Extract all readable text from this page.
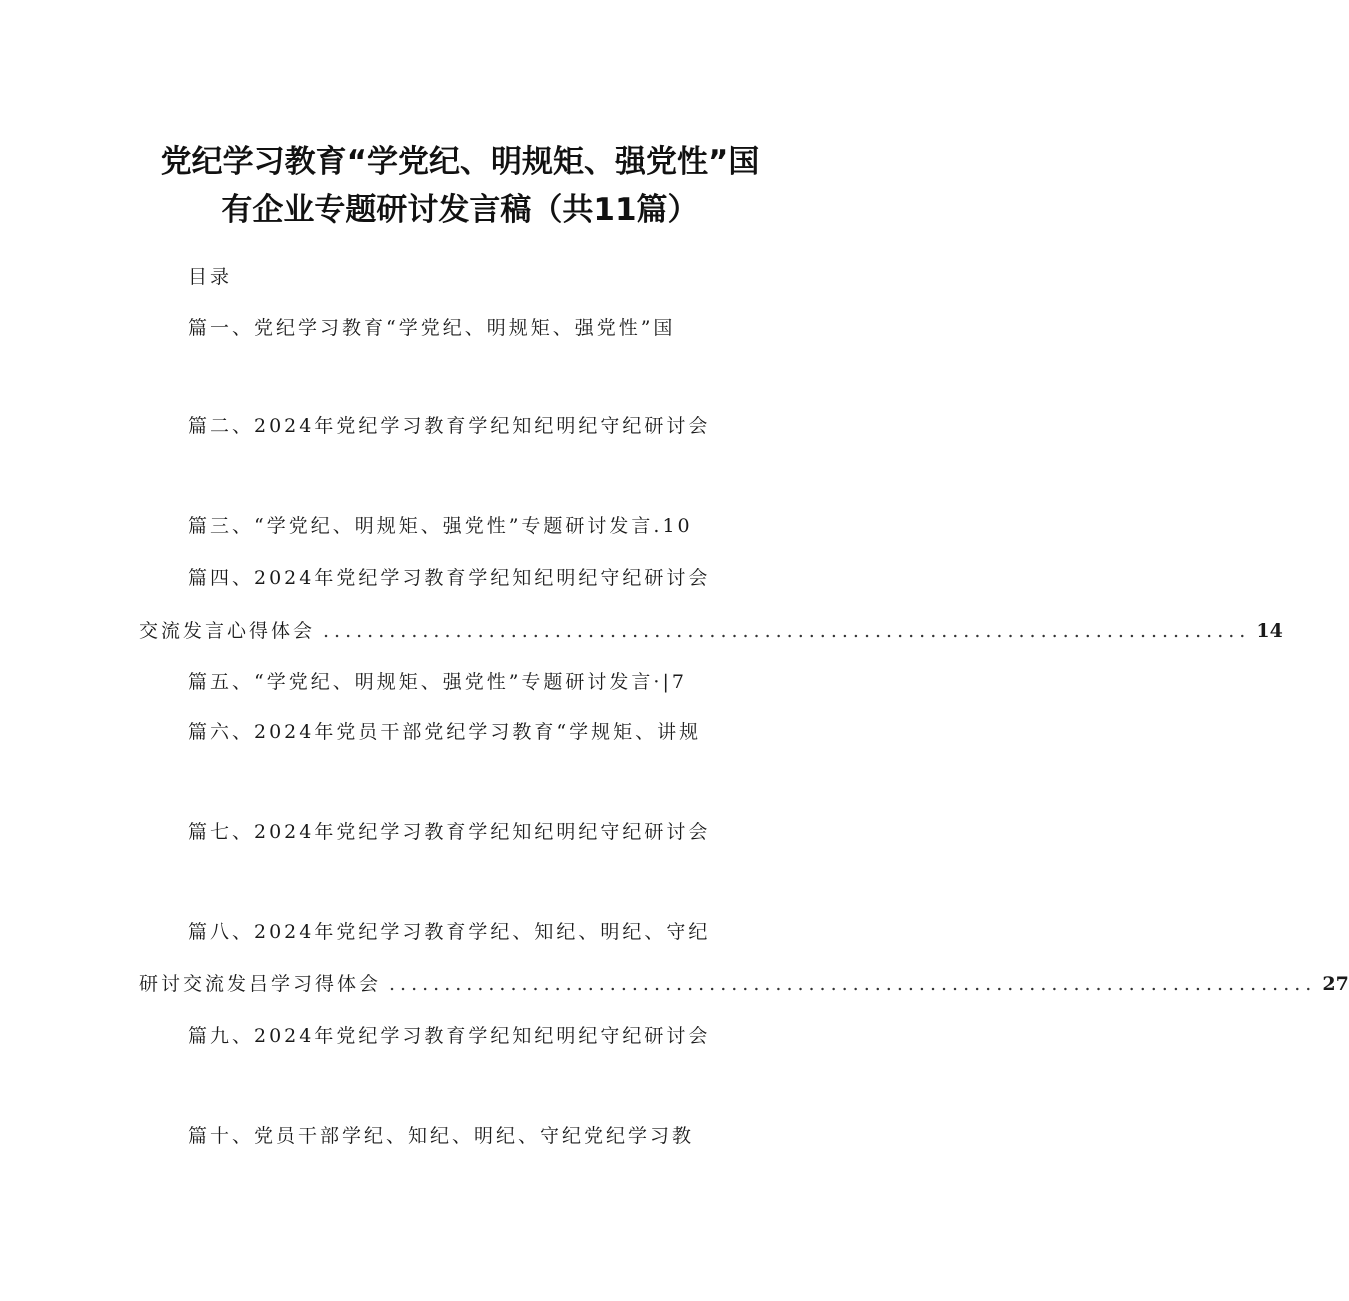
党纪学习教育“学党纪、明规矩、强党性”国
有企业专题研讨发言稿（共11篇）
目录
篇一、党纪学习教育“学党纪、明规矩、强党性”国
篇二、2024年党纪学习教育学纪知纪明纪守纪研讨会
篇三、“学党纪、明规矩、强党性”专题研讨发言.10
篇四、2024年党纪学习教育学纪知纪明纪守纪研讨会
交流发言心得体会 .................................................................................... 14
篇五、“学党纪、明规矩、强党性”专题研讨发言·|7
篇六、2024年党员干部党纪学习教育“学规矩、讲规
篇七、2024年党纪学习教育学纪知纪明纪守纪研讨会
篇八、2024年党纪学习教育学纪、知纪、明纪、守纪
研讨交流发吕学习得体会 .................................................................................... 27
篇九、2024年党纪学习教育学纪知纪明纪守纪研讨会
篇十、党员干部学纪、知纪、明纪、守纪党纪学习教
